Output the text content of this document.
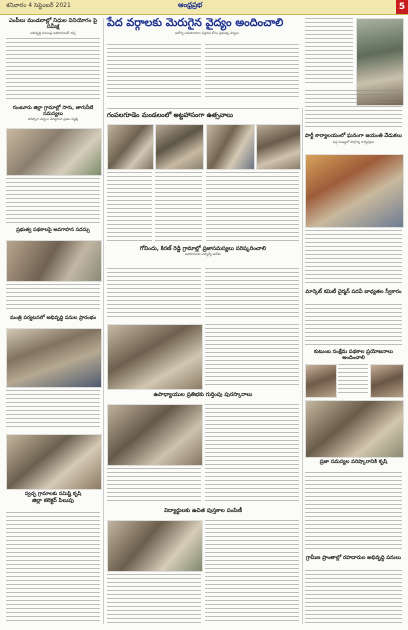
శనివారం 4 సెప్టెంబర్ 2021	ఆంధ్రప్రభ	5
ఎంపీలు మండలాల్లో నిధుల వినియోగం పై సమీక్ష
అభివృద్ధి పనులపై అధికారులతో చర్చ
గుంటూరు జిల్లా గ్రామాల్లో సాగు, తాగునీటి సమస్యలు
పరిష్కార చర్యలు చేపట్టాలని ప్రజల విజ్ఞప్తి
ప్రభుత్వ పథకాలపై అవగాహన సదస్సు
మంత్రి పర్యటనలో అభివృద్ధి పనుల ప్రారంభం
స్వచ్ఛ గ్రామాలకు సమిష్టి కృషి
జిల్లా కలెక్టర్ పిలుపు
పేద వర్గాలకు మెరుగైన వైద్యం అందించాలి
ఆరోగ్య సదుపాయాల విస్తరణ కోసం ప్రభుత్వ చర్యలు
గంపలగూడెం మండలంలో అట్టహాసంగా ఉత్సవాలు
గోవిందు, కిరణ్ రెడ్డి గ్రామాల్లో ప్రజాసమస్యలు పరిష్కరించాలి
అధికారులకు ఎమ్మెల్యే ఆదేశం
ఉపాధ్యాయుల ప్రతిభకు గుర్తింపు పురస్కారాలు
విద్యార్థులకు ఉచిత పుస్తకాల పంపిణీ
పార్టీ కార్యాలయంలో ఘనంగా జయంతి వేడుకలు
పెద్ద సంఖ్యలో పాల్గొన్న కార్యకర్తలు
మార్కెట్ కమిటీ చైర్మన్ పదవీ బాధ్యతల స్వీకారం
కుటుంబ సంక్షేమ పథకాల ప్రయోజనాలు అందించాలి
ప్రజా సమస్యల పరిష్కారానికి కృషి
గ్రామీణ ప్రాంతాల్లో రహదారుల అభివృద్ధి పనులు
